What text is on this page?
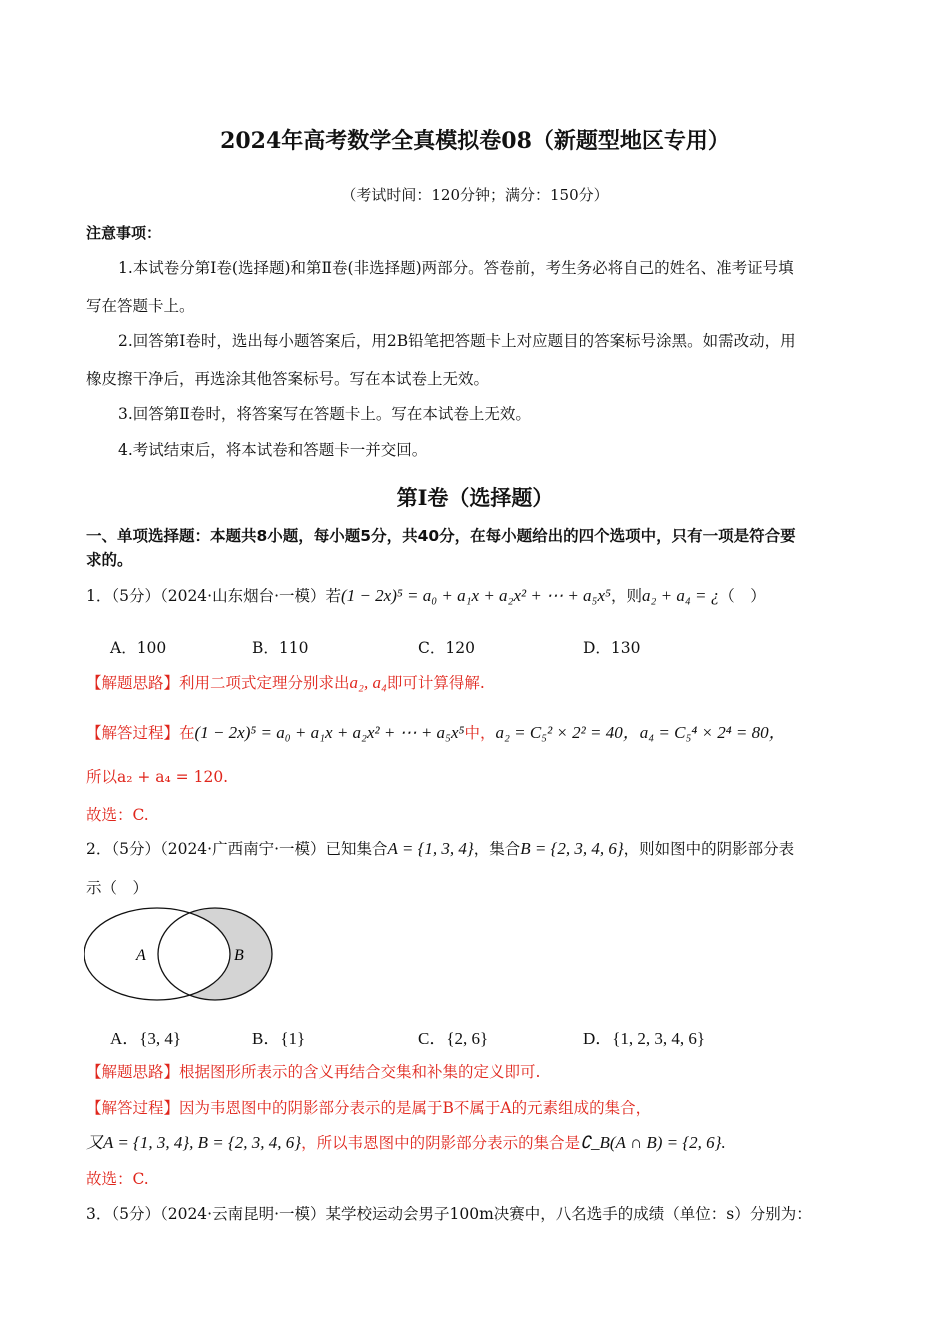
2024年高考数学全真模拟卷08（新题型地区专用）
（考试时间：120分钟；满分：150分）
注意事项：
1.本试卷分第Ⅰ卷(选择题)和第Ⅱ卷(非选择题)两部分。答卷前，考生务必将自己的姓名、准考证号填
写在答题卡上。
2.回答第Ⅰ卷时，选出每小题答案后，用2B铅笔把答题卡上对应题目的答案标号涂黑。如需改动，用
橡皮擦干净后，再选涂其他答案标号。写在本试卷上无效。
3.回答第Ⅱ卷时，将答案写在答题卡上。写在本试卷上无效。
4.考试结束后，将本试卷和答题卡一并交回。
第Ⅰ卷（选择题）
一、单项选择题：本题共8小题，每小题5分，共40分，在每小题给出的四个选项中，只有一项是符合要
求的。
1．（5分）（2024·山东烟台·一模）若(1 − 2x)⁵ = a₀ + a₁x + a₂x² + ⋯ + a₅x⁵，则a₂ + a₄ = ¿（　）
A．100	B．110	C．120	D．130
【解题思路】利用二项式定理分别求出a₂, a₄即可计算得解.
【解答过程】在(1 − 2x)⁵ = a₀ + a₁x + a₂x² + ⋯ + a₅x⁵中，a₂ = C₅² × 2² = 40，a₄ = C₅⁴ × 2⁴ = 80，
所以a₂ + a₄ = 120.
故选：C.
2．（5分）（2024·广西南宁·一模）已知集合A = {1, 3, 4}，集合B = {2, 3, 4, 6}，则如图中的阴影部分表
示（　）
A	B
A．{3, 4}	B．{1}	C．{2, 6}	D．{1, 2, 3, 4, 6}
【解题思路】根据图形所表示的含义再结合交集和补集的定义即可.
【解答过程】因为韦恩图中的阴影部分表示的是属于B不属于A的元素组成的集合，
又A = {1, 3, 4}, B = {2, 3, 4, 6}，所以韦恩图中的阴影部分表示的集合是∁_B(A ∩ B) = {2, 6}.
故选：C.
3．（5分）（2024·云南昆明·一模）某学校运动会男子100m决赛中，八名选手的成绩（单位：s）分别为：
